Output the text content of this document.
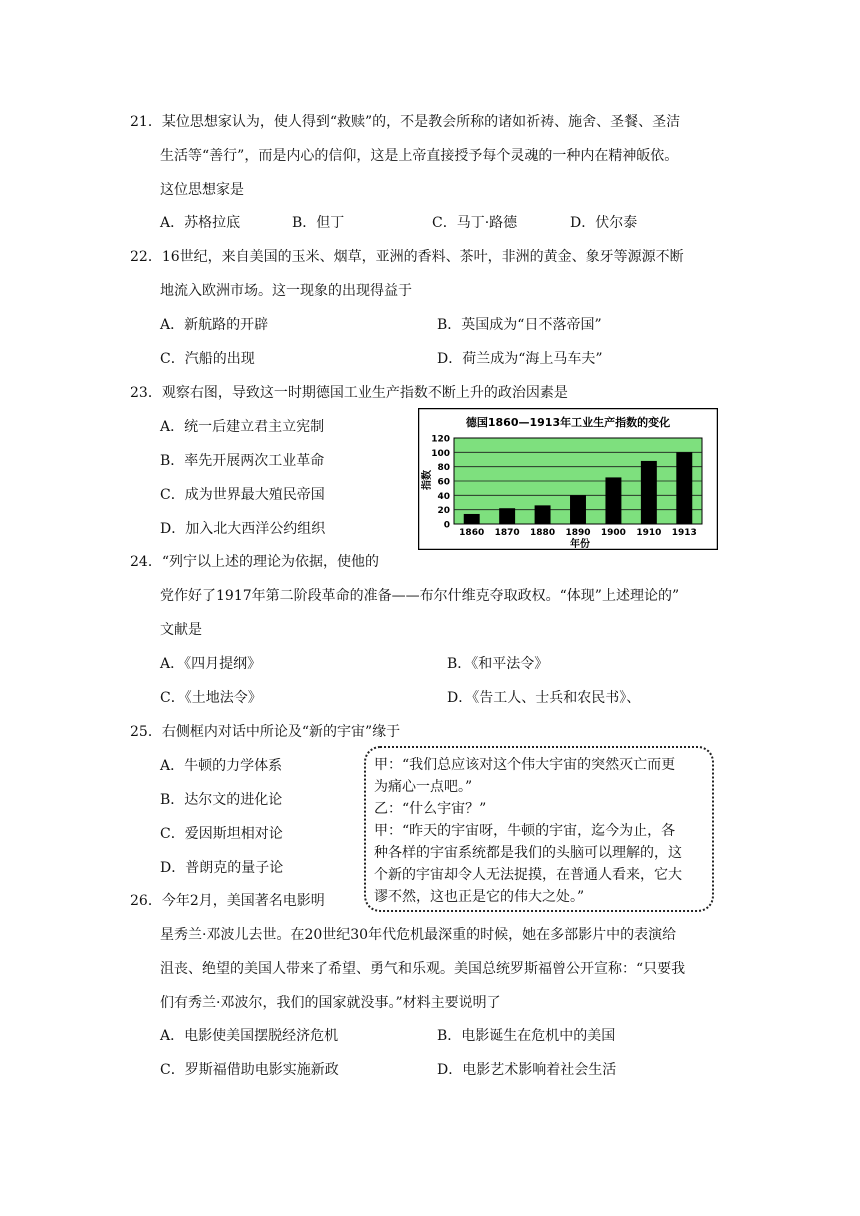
21．某位思想家认为，使人得到“救赎”的，不是教会所称的诸如祈祷、施舍、圣餐、圣洁
生活等“善行”，而是内心的信仰，这是上帝直接授予每个灵魂的一种内在精神皈依。
这位思想家是
A．苏格拉底	B．但丁	C．马丁·路德	D．伏尔泰
22．16世纪，来自美国的玉米、烟草，亚洲的香料、茶叶，非洲的黄金、象牙等源源不断
地流入欧洲市场。这一现象的出现得益于
A．新航路的开辟	B．英国成为“日不落帝国”
C．汽船的出现	D．荷兰成为“海上马车夫”
23．观察右图，导致这一时期德国工业生产指数不断上升的政治因素是
A．统一后建立君主立宪制
B．率先开展两次工业革命
C．成为世界最大殖民帝国
D．加入北大西洋公约组织
德国1860—1913年工业生产指数的变化
0
20
40
60
80
100
120
1860 1870 1880 1890 1900 1910 1913
指数
年份
24．“列宁以上述的理论为依据，使他的
党作好了1917年第二阶段革命的准备——布尔什维克夺取政权。“体现”上述理论的”
文献是
A．《四月提纲》	B．《和平法令》
C．《土地法令》	D．《告工人、士兵和农民书》、
25．右侧框内对话中所论及“新的宇宙”缘于
A．牛顿的力学体系
B．达尔文的进化论
C．爱因斯坦相对论
D．普朗克的量子论
甲：“我们总应该对这个伟大宇宙的突然灭亡而更
为痛心一点吧。”
乙：“什么宇宙？”
甲：“昨天的宇宙呀，牛顿的宇宙，迄今为止，各
种各样的宇宙系统都是我们的头脑可以理解的，这
个新的宇宙却令人无法捉摸，在普通人看来，它大
谬不然，这也正是它的伟大之处。”
26．今年2月，美国著名电影明
星秀兰·邓波儿去世。在20世纪30年代危机最深重的时候，她在多部影片中的表演给
沮丧、绝望的美国人带来了希望、勇气和乐观。美国总统罗斯福曾公开宣称：“只要我
们有秀兰·邓波尔，我们的国家就没事。”材料主要说明了
A．电影使美国摆脱经济危机	B．电影诞生在危机中的美国
C．罗斯福借助电影实施新政	D．电影艺术影响着社会生活
